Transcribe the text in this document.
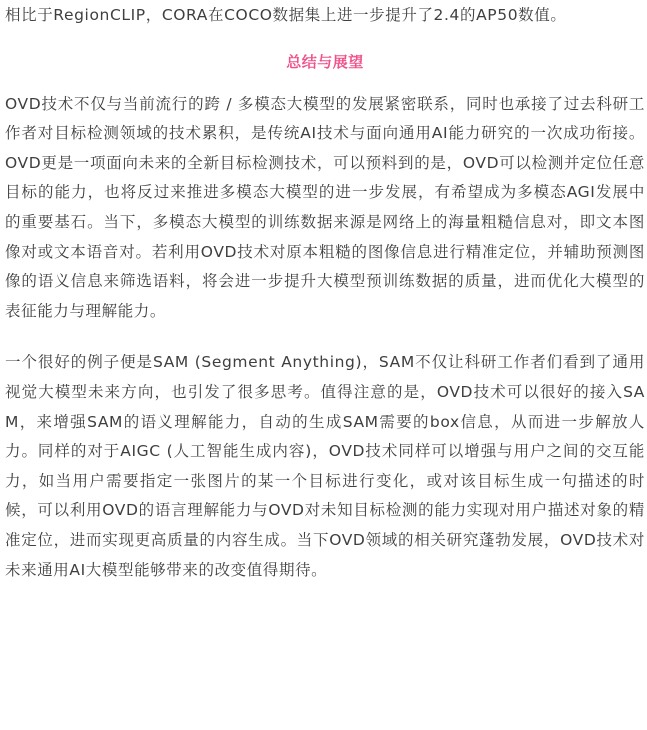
相比于RegionCLIP，CORA在COCO数据集上进一步提升了2.4的AP50数值。

总结与展望

OVD技术不仅与当前流行的跨 / 多模态大模型的发展紧密联系，同时也承接了过去科研工作者对目标检测领域的技术累积，是传统AI技术与面向通用AI能力研究的一次成功衔接。OVD更是一项面向未来的全新目标检测技术，可以预料到的是，OVD可以检测并定位任意目标的能力，也将反过来推进多模态大模型的进一步发展，有希望成为多模态AGI发展中的重要基石。当下，多模态大模型的训练数据来源是网络上的海量粗糙信息对，即文本图像对或文本语音对。若利用OVD技术对原本粗糙的图像信息进行精准定位，并辅助预测图像的语义信息来筛选语料，将会进一步提升大模型预训练数据的质量，进而优化大模型的表征能力与理解能力。

一个很好的例子便是SAM (Segment Anything)，SAM不仅让科研工作者们看到了通用视觉大模型未来方向，也引发了很多思考。值得注意的是，OVD技术可以很好的接入SAM，来增强SAM的语义理解能力，自动的生成SAM需要的box信息，从而进一步解放人力。同样的对于AIGC (人工智能生成内容)，OVD技术同样可以增强与用户之间的交互能力，如当用户需要指定一张图片的某一个目标进行变化，或对该目标生成一句描述的时候，可以利用OVD的语言理解能力与OVD对未知目标检测的能力实现对用户描述对象的精准定位，进而实现更高质量的内容生成。当下OVD领域的相关研究蓬勃发展，OVD技术对未来通用AI大模型能够带来的改变值得期待。
